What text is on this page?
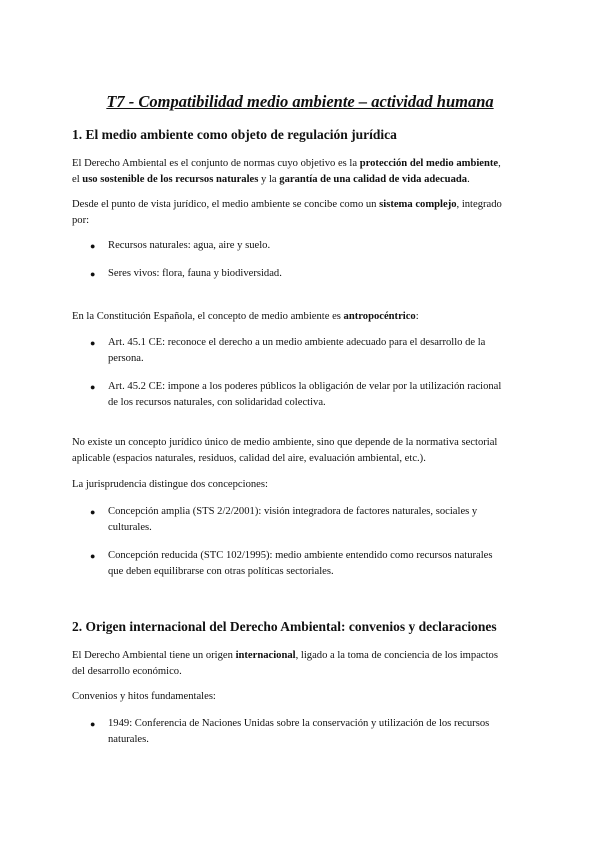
T7 - Compatibilidad medio ambiente – actividad humana
1. El medio ambiente como objeto de regulación jurídica
El Derecho Ambiental es el conjunto de normas cuyo objetivo es la protección del medio ambiente,
el uso sostenible de los recursos naturales y la garantía de una calidad de vida adecuada.
Desde el punto de vista jurídico, el medio ambiente se concibe como un sistema complejo, integrado
por:
● Recursos naturales: agua, aire y suelo.
● Seres vivos: flora, fauna y biodiversidad.
En la Constitución Española, el concepto de medio ambiente es antropocéntrico:
● Art. 45.1 CE: reconoce el derecho a un medio ambiente adecuado para el desarrollo de la
persona.
● Art. 45.2 CE: impone a los poderes públicos la obligación de velar por la utilización racional
de los recursos naturales, con solidaridad colectiva.
No existe un concepto jurídico único de medio ambiente, sino que depende de la normativa sectorial
aplicable (espacios naturales, residuos, calidad del aire, evaluación ambiental, etc.).
La jurisprudencia distingue dos concepciones:
● Concepción amplia (STS 2/2/2001): visión integradora de factores naturales, sociales y
culturales.
● Concepción reducida (STC 102/1995): medio ambiente entendido como recursos naturales
que deben equilibrarse con otras políticas sectoriales.
2. Origen internacional del Derecho Ambiental: convenios y declaraciones
El Derecho Ambiental tiene un origen internacional, ligado a la toma de conciencia de los impactos
del desarrollo económico.
Convenios y hitos fundamentales:
● 1949: Conferencia de Naciones Unidas sobre la conservación y utilización de los recursos
naturales.
